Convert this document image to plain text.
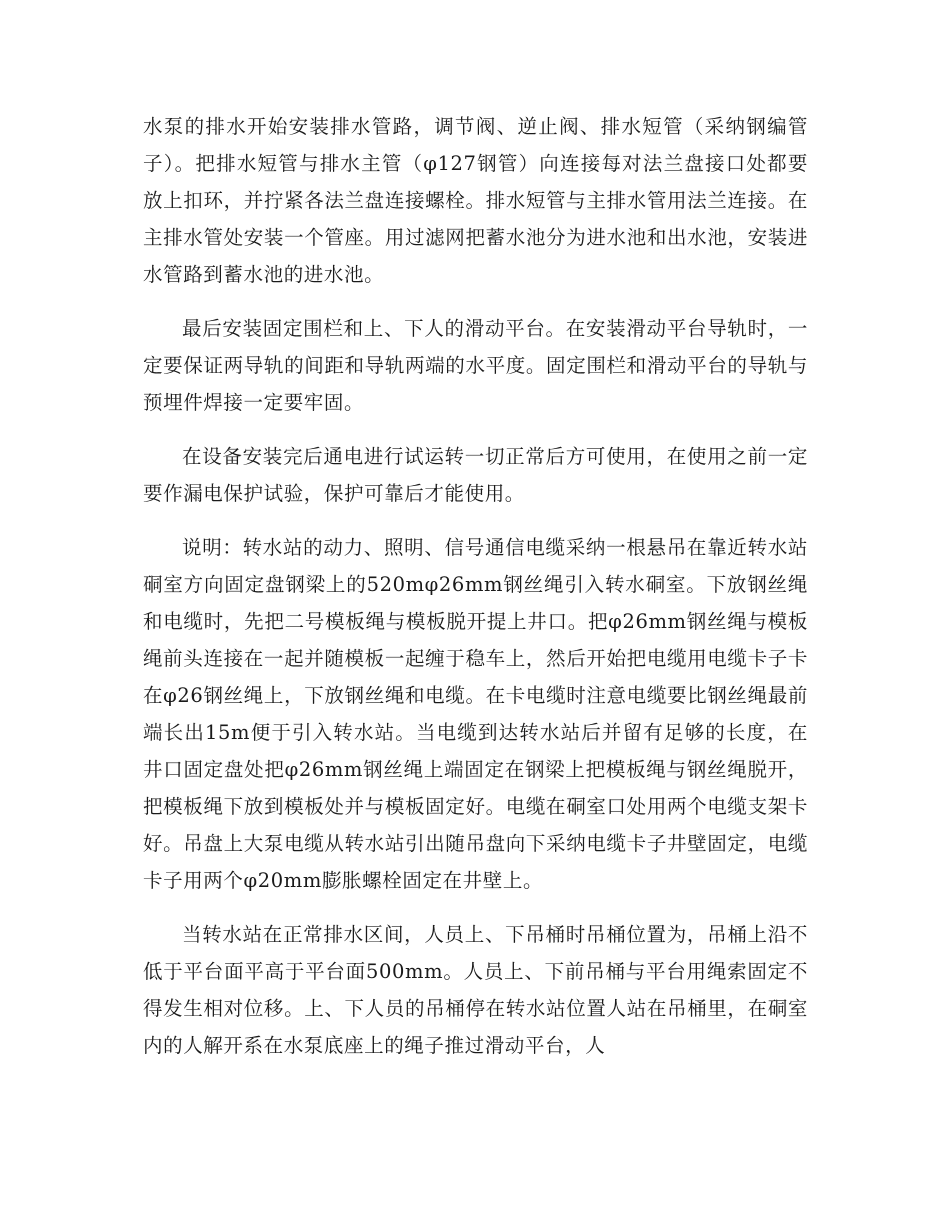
水泵的排水开始安装排水管路，调节阀、逆止阀、排水短管（采纳钢编管子）。把排水短管与排水主管（φ127钢管）向连接每对法兰盘接口处都要放上扣环，并拧紧各法兰盘连接螺栓。排水短管与主排水管用法兰连接。在主排水管处安装一个管座。用过滤网把蓄水池分为进水池和出水池，安装进水管路到蓄水池的进水池。

最后安装固定围栏和上、下人的滑动平台。在安装滑动平台导轨时，一定要保证两导轨的间距和导轨两端的水平度。固定围栏和滑动平台的导轨与预埋件焊接一定要牢固。

在设备安装完后通电进行试运转一切正常后方可使用，在使用之前一定要作漏电保护试验，保护可靠后才能使用。

说明：转水站的动力、照明、信号通信电缆采纳一根悬吊在靠近转水站硐室方向固定盘钢梁上的520mφ26mm钢丝绳引入转水硐室。下放钢丝绳和电缆时，先把二号模板绳与模板脱开提上井口。把φ26mm钢丝绳与模板绳前头连接在一起并随模板一起缠于稳车上，然后开始把电缆用电缆卡子卡在φ26钢丝绳上，下放钢丝绳和电缆。在卡电缆时注意电缆要比钢丝绳最前端长出15m便于引入转水站。当电缆到达转水站后并留有足够的长度，在井口固定盘处把φ26mm钢丝绳上端固定在钢梁上把模板绳与钢丝绳脱开，把模板绳下放到模板处并与模板固定好。电缆在硐室口处用两个电缆支架卡好。吊盘上大泵电缆从转水站引出随吊盘向下采纳电缆卡子井壁固定，电缆卡子用两个φ20mm膨胀螺栓固定在井壁上。

当转水站在正常排水区间，人员上、下吊桶时吊桶位置为，吊桶上沿不低于平台面平高于平台面500mm。人员上、下前吊桶与平台用绳索固定不得发生相对位移。上、下人员的吊桶停在转水站位置人站在吊桶里，在硐室内的人解开系在水泵底座上的绳子推过滑动平台，人
